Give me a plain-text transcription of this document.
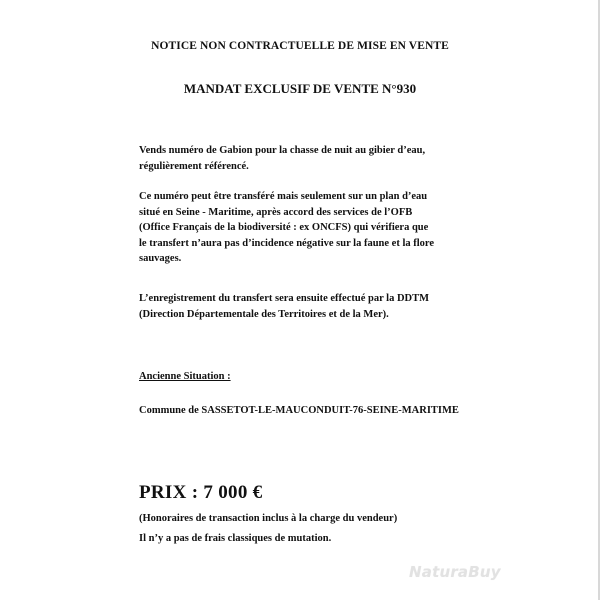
NOTICE NON CONTRACTUELLE DE MISE EN VENTE

MANDAT EXCLUSIF DE VENTE N°930

Vends numéro de Gabion pour la chasse de nuit au gibier d’eau,
régulièrement référencé.
Ce numéro peut être transféré mais seulement sur un plan d’eau
situé en Seine - Maritime, après accord des services de l’OFB
(Office Français de la biodiversité : ex ONCFS) qui vérifiera que
le transfert n’aura pas d’incidence négative sur la faune et la flore
sauvages.
L’enregistrement du transfert sera ensuite effectué par la DDTM
(Direction Départementale des Territoires et de la Mer).

Ancienne Situation :

Commune de SASSETOT-LE-MAUCONDUIT-76-SEINE-MARITIME

PRIX : 7 000 €

(Honoraires de transaction inclus à la charge du vendeur)

Il n’y a pas de frais classiques de mutation.

NaturaBuy
